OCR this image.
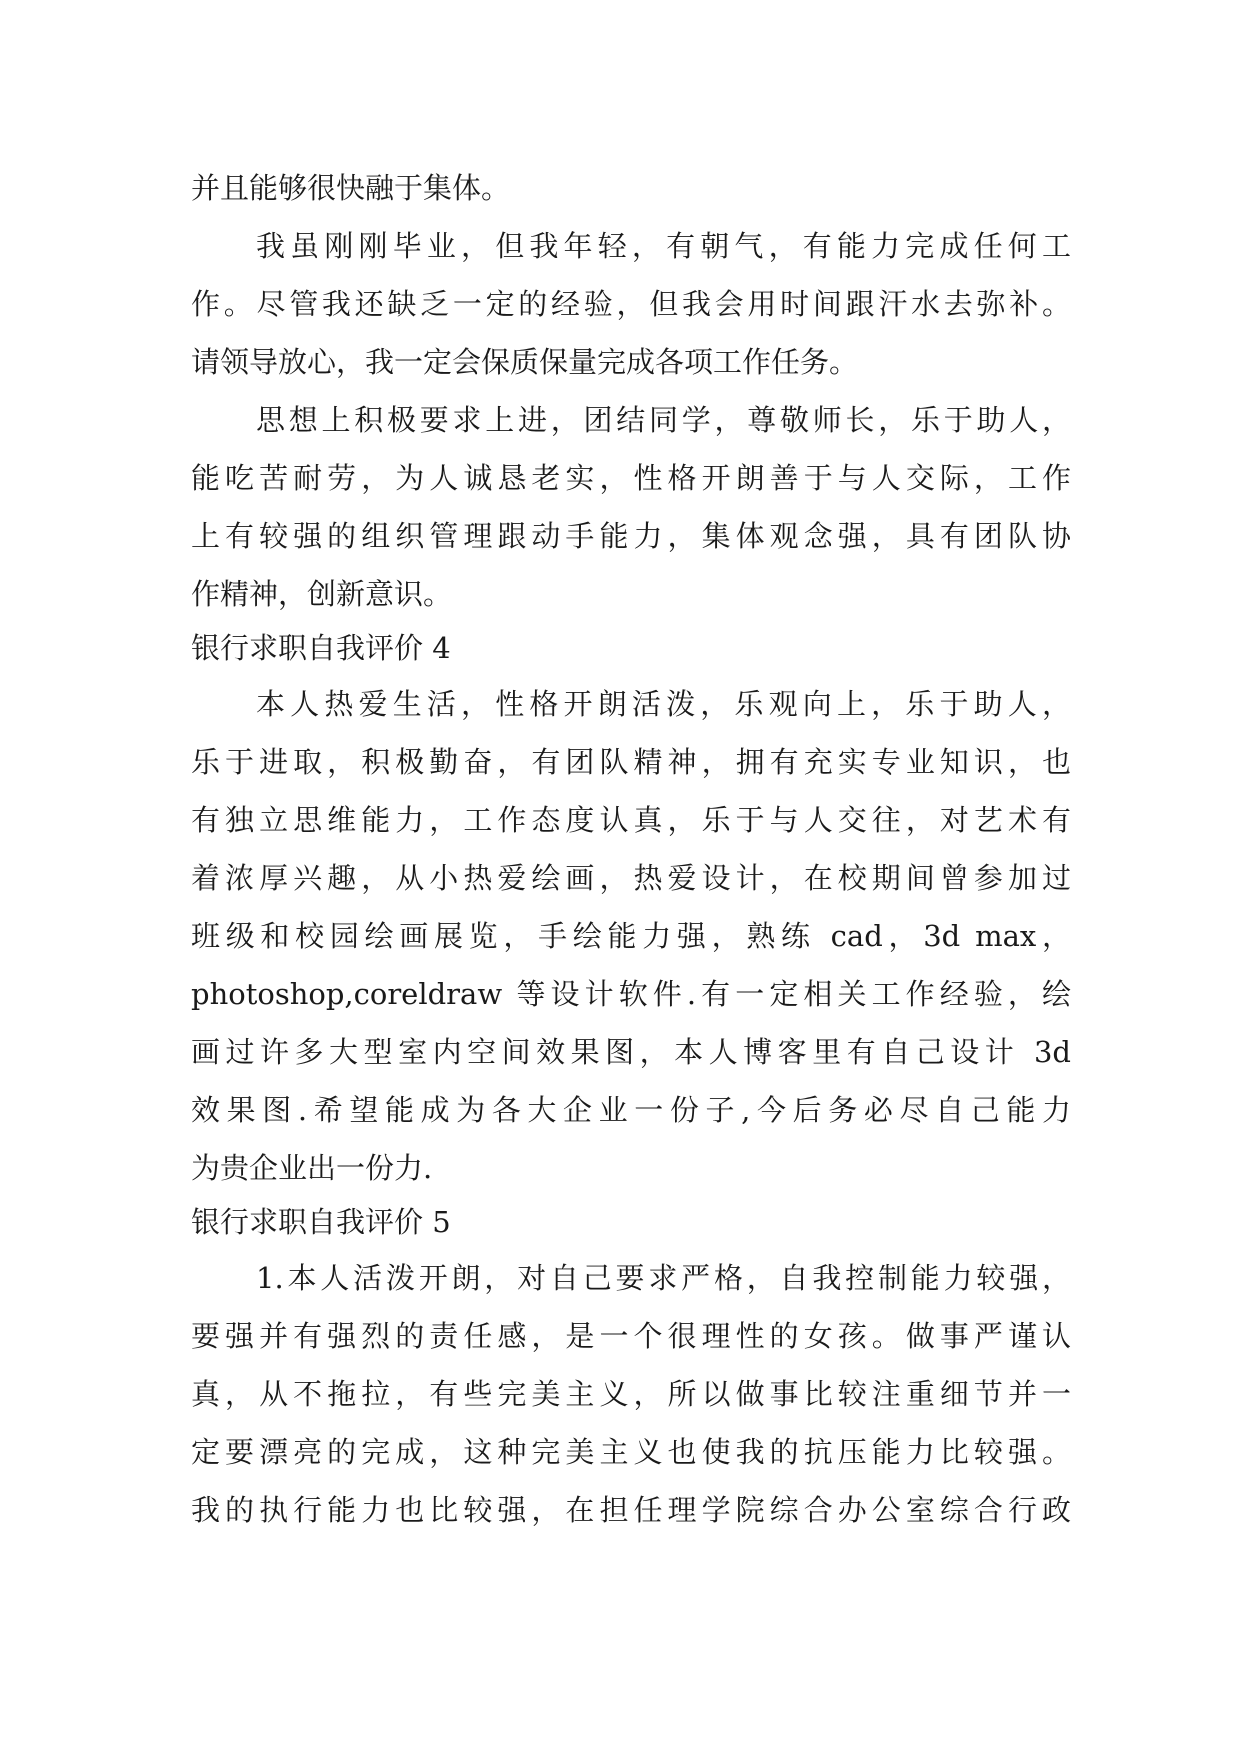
并且能够很快融于集体。
我虽刚刚毕业，但我年轻，有朝气，有能力完成任何工
作。尽管我还缺乏一定的经验，但我会用时间跟汗水去弥补。
请领导放心，我一定会保质保量完成各项工作任务。
思想上积极要求上进，团结同学，尊敬师长，乐于助人，
能吃苦耐劳，为人诚恳老实，性格开朗善于与人交际，工作
上有较强的组织管理跟动手能力，集体观念强，具有团队协
作精神，创新意识。
银行求职自我评价 4
本人热爱生活，性格开朗活泼，乐观向上，乐于助人，
乐于进取，积极勤奋，有团队精神，拥有充实专业知识，也
有独立思维能力，工作态度认真，乐于与人交往，对艺术有
着浓厚兴趣，从小热爱绘画，热爱设计，在校期间曾参加过
班级和校园绘画展览，手绘能力强，熟练 cad，3d max，
photoshop,coreldraw 等设计软件.有一定相关工作经验，绘
画过许多大型室内空间效果图，本人博客里有自己设计 3d
效果图.希望能成为各大企业一份子,今后务必尽自己能力
为贵企业出一份力.
银行求职自我评价 5
1.本人活泼开朗，对自己要求严格，自我控制能力较强，
要强并有强烈的责任感，是一个很理性的女孩。做事严谨认
真，从不拖拉，有些完美主义，所以做事比较注重细节并一
定要漂亮的完成，这种完美主义也使我的抗压能力比较强。
我的执行能力也比较强，在担任理学院综合办公室综合行政
